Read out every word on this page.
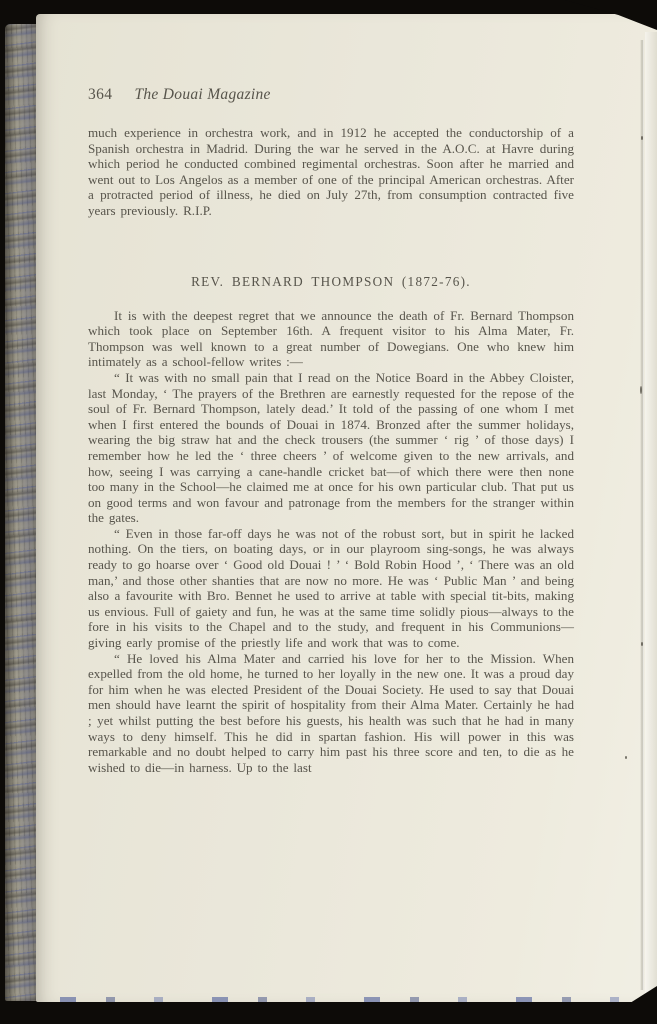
364 The Douai Magazine

much experience in orchestra work, and in 1912 he accepted the conductorship of a Spanish orchestra in Madrid. During the war he served in the A.O.C. at Havre during which period he conducted combined regimental orchestras. Soon after he married and went out to Los Angelos as a member of one of the principal American orchestras. After a protracted period of illness, he died on July 27th, from consumption contracted five years previously. R.I.P.

REV. BERNARD THOMPSON (1872-76).

It is with the deepest regret that we announce the death of Fr. Bernard Thompson which took place on September 16th. A frequent visitor to his Alma Mater, Fr. Thompson was well known to a great number of Dowegians. One who knew him intimately as a school-fellow writes :—

“ It was with no small pain that I read on the Notice Board in the Abbey Cloister, last Monday, ‘ The prayers of the Brethren are earnestly requested for the repose of the soul of Fr. Bernard Thompson, lately dead.’ It told of the passing of one whom I met when I first entered the bounds of Douai in 1874. Bronzed after the summer holidays, wearing the big straw hat and the check trousers (the summer ‘ rig ’ of those days) I remember how he led the ‘ three cheers ’ of welcome given to the new arrivals, and how, seeing I was carrying a cane-handle cricket bat—of which there were then none too many in the School—he claimed me at once for his own particular club. That put us on good terms and won favour and patronage from the members for the stranger within the gates.

“ Even in those far-off days he was not of the robust sort, but in spirit he lacked nothing. On the tiers, on boating days, or in our playroom sing-songs, he was always ready to go hoarse over ‘ Good old Douai ! ’ ‘ Bold Robin Hood ’, ‘ There was an old man,’ and those other shanties that are now no more. He was ‘ Public Man ’ and being also a favourite with Bro. Bennet he used to arrive at table with special tit-bits, making us envious. Full of gaiety and fun, he was at the same time solidly pious—always to the fore in his visits to the Chapel and to the study, and frequent in his Communions—giving early promise of the priestly life and work that was to come.

“ He loved his Alma Mater and carried his love for her to the Mission. When expelled from the old home, he turned to her loyally in the new one. It was a proud day for him when he was elected President of the Douai Society. He used to say that Douai men should have learnt the spirit of hospitality from their Alma Mater. Certainly he had ; yet whilst putting the best before his guests, his health was such that he had in many ways to deny himself. This he did in spartan fashion. His will power in this was remarkable and no doubt helped to carry him past his three score and ten, to die as he wished to die—in harness. Up to the last
